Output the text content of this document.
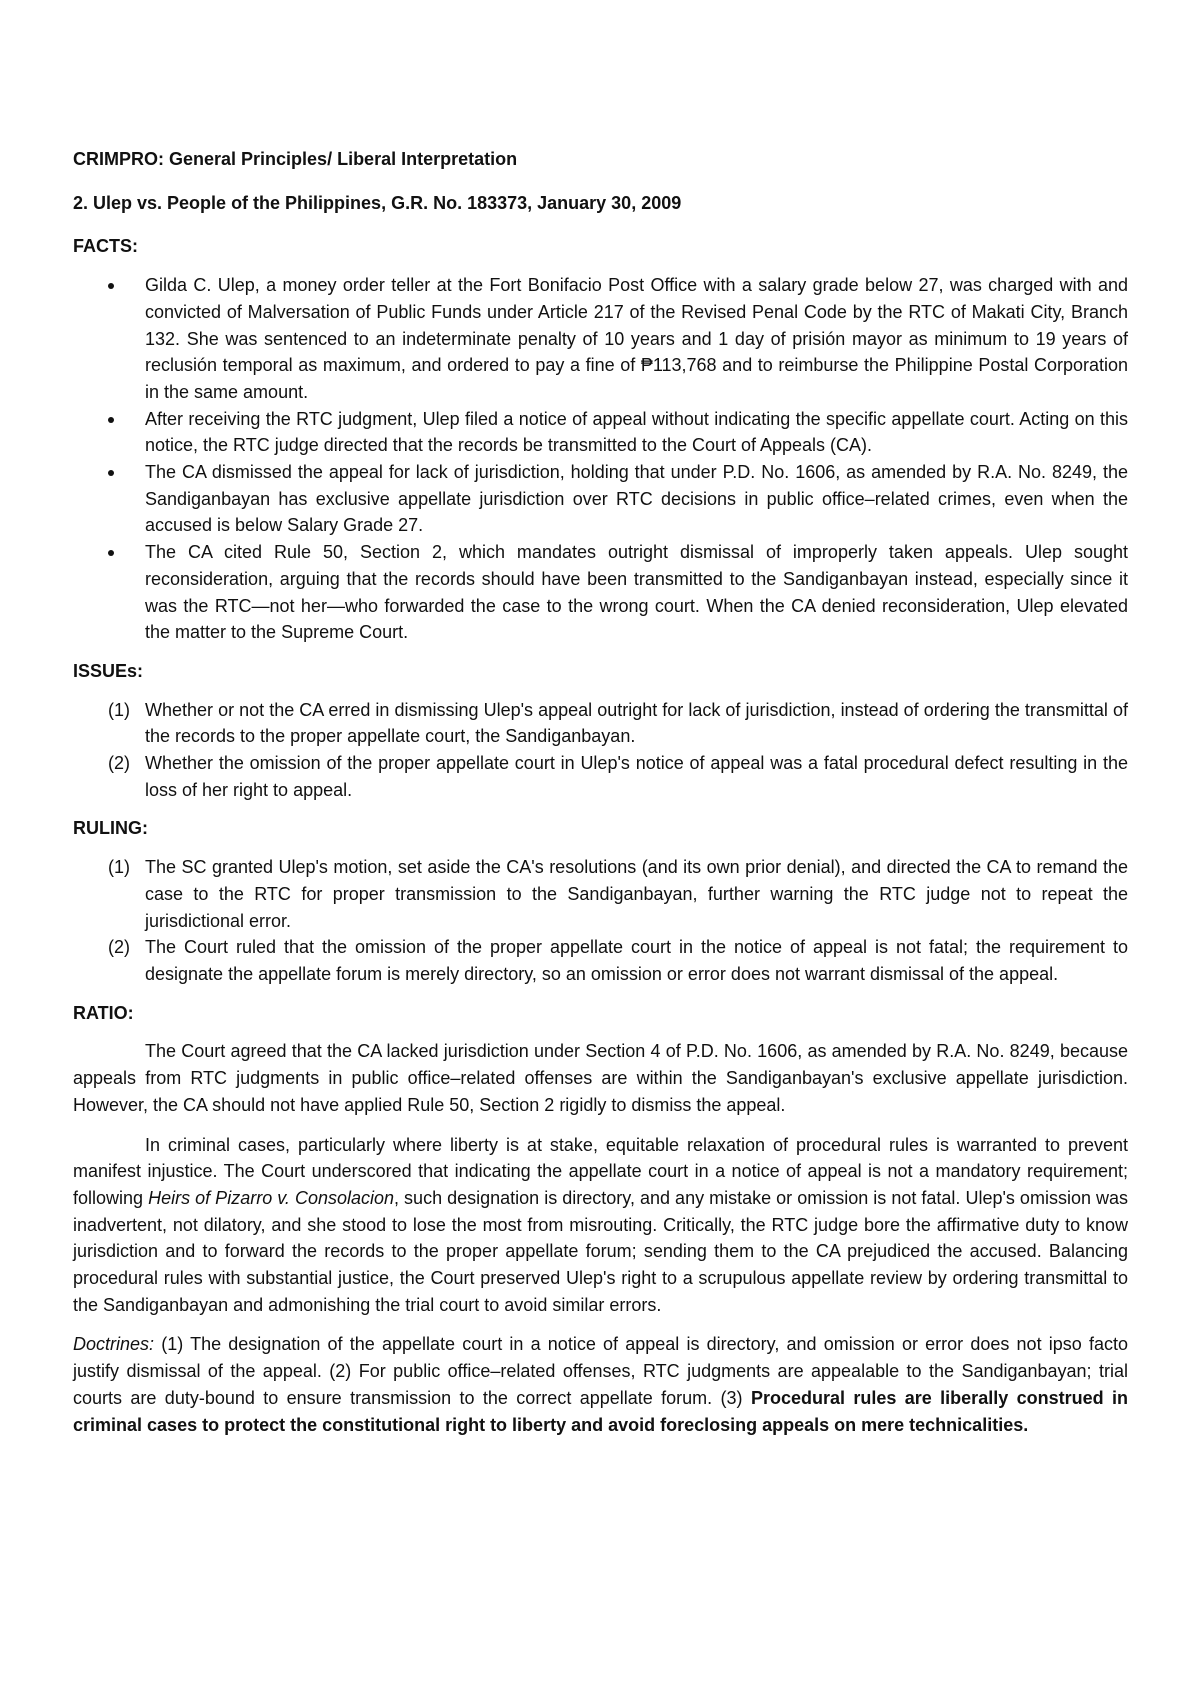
CRIMPRO: General Principles/ Liberal Interpretation

2. Ulep vs. People of the Philippines, G.R. No. 183373, January 30, 2009

FACTS:

Gilda C. Ulep, a money order teller at the Fort Bonifacio Post Office with a salary grade below 27, was charged with and convicted of Malversation of Public Funds under Article 217 of the Revised Penal Code by the RTC of Makati City, Branch 132. She was sentenced to an indeterminate penalty of 10 years and 1 day of prisión mayor as minimum to 19 years of reclusión temporal as maximum, and ordered to pay a fine of ₱113,768 and to reimburse the Philippine Postal Corporation in the same amount.
After receiving the RTC judgment, Ulep filed a notice of appeal without indicating the specific appellate court. Acting on this notice, the RTC judge directed that the records be transmitted to the Court of Appeals (CA).
The CA dismissed the appeal for lack of jurisdiction, holding that under P.D. No. 1606, as amended by R.A. No. 8249, the Sandiganbayan has exclusive appellate jurisdiction over RTC decisions in public office–related crimes, even when the accused is below Salary Grade 27.
The CA cited Rule 50, Section 2, which mandates outright dismissal of improperly taken appeals. Ulep sought reconsideration, arguing that the records should have been transmitted to the Sandiganbayan instead, especially since it was the RTC—not her—who forwarded the case to the wrong court. When the CA denied reconsideration, Ulep elevated the matter to the Supreme Court.

ISSUEs:

(1) Whether or not the CA erred in dismissing Ulep's appeal outright for lack of jurisdiction, instead of ordering the transmittal of the records to the proper appellate court, the Sandiganbayan.
(2) Whether the omission of the proper appellate court in Ulep's notice of appeal was a fatal procedural defect resulting in the loss of her right to appeal.

RULING:

(1) The SC granted Ulep's motion, set aside the CA's resolutions (and its own prior denial), and directed the CA to remand the case to the RTC for proper transmission to the Sandiganbayan, further warning the RTC judge not to repeat the jurisdictional error.
(2) The Court ruled that the omission of the proper appellate court in the notice of appeal is not fatal; the requirement to designate the appellate forum is merely directory, so an omission or error does not warrant dismissal of the appeal.

RATIO:

The Court agreed that the CA lacked jurisdiction under Section 4 of P.D. No. 1606, as amended by R.A. No. 8249, because appeals from RTC judgments in public office–related offenses are within the Sandiganbayan's exclusive appellate jurisdiction. However, the CA should not have applied Rule 50, Section 2 rigidly to dismiss the appeal.

In criminal cases, particularly where liberty is at stake, equitable relaxation of procedural rules is warranted to prevent manifest injustice. The Court underscored that indicating the appellate court in a notice of appeal is not a mandatory requirement; following Heirs of Pizarro v. Consolacion, such designation is directory, and any mistake or omission is not fatal. Ulep's omission was inadvertent, not dilatory, and she stood to lose the most from misrouting. Critically, the RTC judge bore the affirmative duty to know jurisdiction and to forward the records to the proper appellate forum; sending them to the CA prejudiced the accused. Balancing procedural rules with substantial justice, the Court preserved Ulep's right to a scrupulous appellate review by ordering transmittal to the Sandiganbayan and admonishing the trial court to avoid similar errors.

Doctrines: (1) The designation of the appellate court in a notice of appeal is directory, and omission or error does not ipso facto justify dismissal of the appeal. (2) For public office–related offenses, RTC judgments are appealable to the Sandiganbayan; trial courts are duty-bound to ensure transmission to the correct appellate forum. (3) Procedural rules are liberally construed in criminal cases to protect the constitutional right to liberty and avoid foreclosing appeals on mere technicalities.
